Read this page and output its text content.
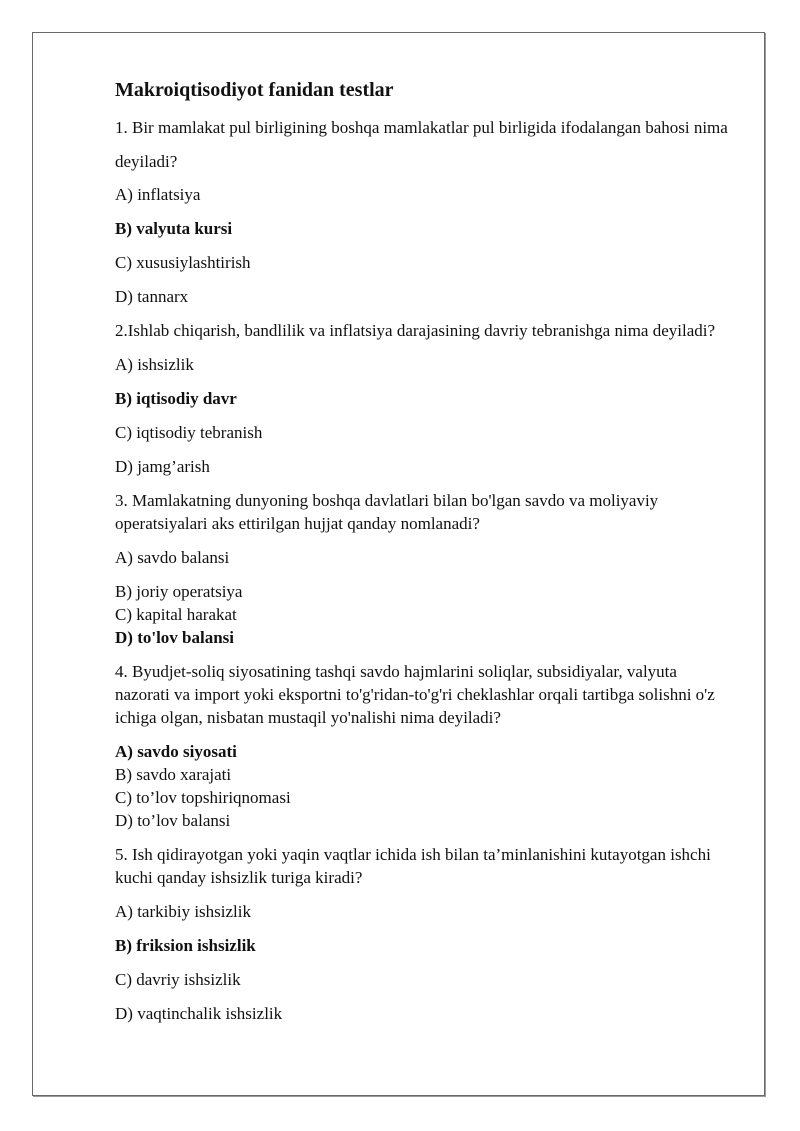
Makroiqtisodiyot fanidan testlar
1. Bir mamlakat pul birligining boshqa mamlakatlar pul birligida ifodalangan bahosi nima deyiladi?
A) inflatsiya
B) valyuta kursi
C) xususiylashtirish
D) tannarx
2.Ishlab chiqarish, bandlilik va inflatsiya darajasining davriy tebranishga nima deyiladi?
A) ishsizlik
B) iqtisodiy davr
C) iqtisodiy tebranish
D) jamg’arish
3. Mamlakatning dunyoning boshqa davlatlari bilan bo'lgan savdo va moliyaviy operatsiyalari aks ettirilgan hujjat qanday nomlanadi?
A) savdo balansi
B) joriy operatsiya
C) kapital harakat
D) to'lov balansi
4. Byudjet-soliq siyosatining tashqi savdo hajmlarini soliqlar, subsidiyalar, valyuta nazorati va import yoki eksportni to'g'ridan-to'g'ri cheklashlar orqali tartibga solishni o'z ichiga olgan, nisbatan mustaqil yo'nalishi nima deyiladi?
A) savdo siyosati
B) savdo xarajati
C) to’lov topshiriqnomasi
D) to’lov balansi
5. Ish qidirayotgan yoki yaqin vaqtlar ichida ish bilan ta’minlanishini kutayotgan ishchi kuchi qanday ishsizlik turiga kiradi?
A) tarkibiy ishsizlik
B) friksion ishsizlik
C) davriy ishsizlik
D) vaqtinchalik ishsizlik
